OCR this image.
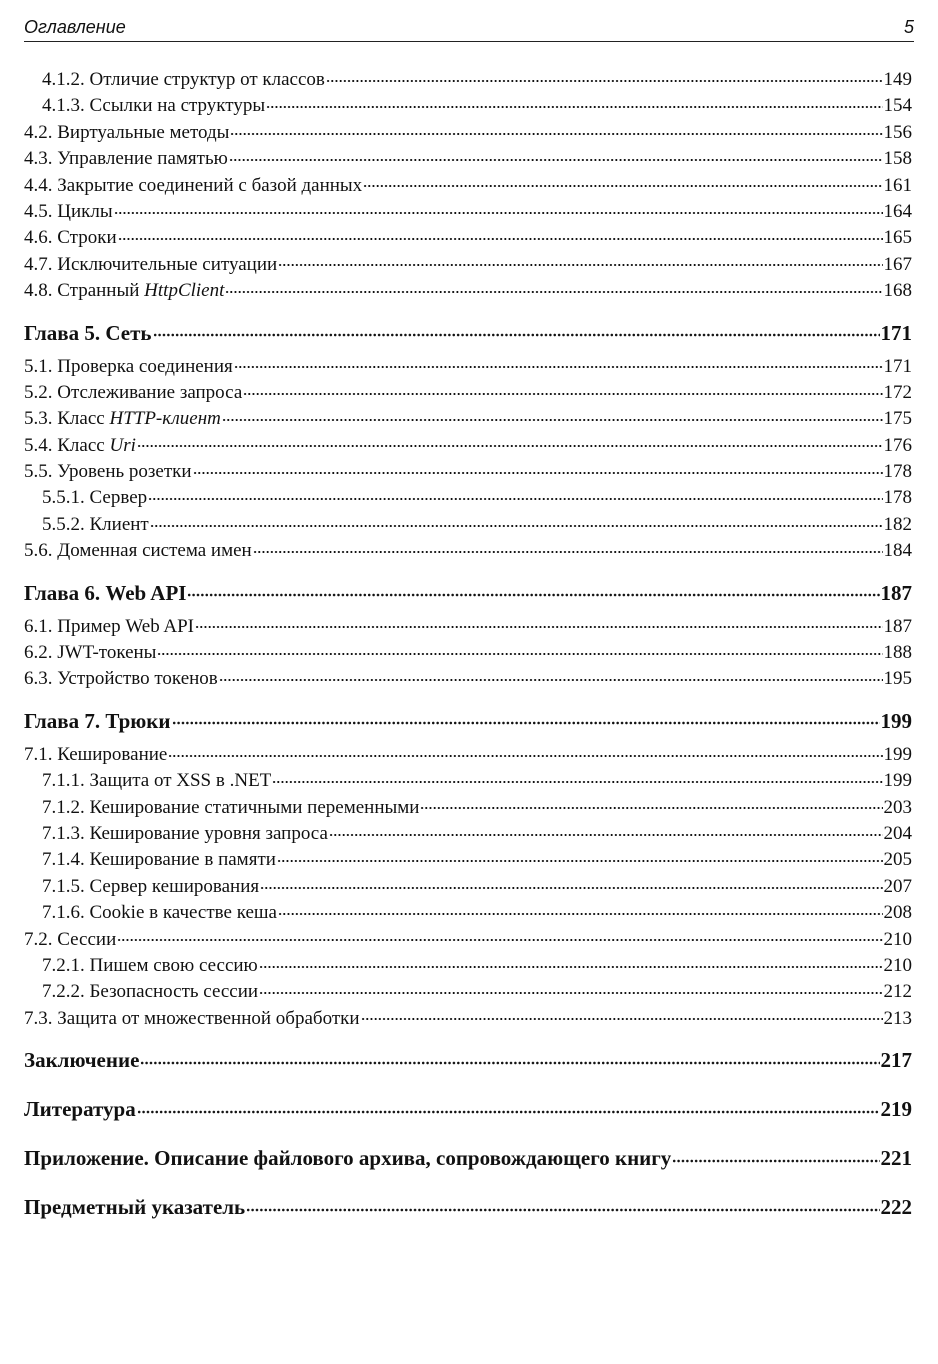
Оглавление	5
4.1.2. Отличие структур от классов	149
4.1.3. Ссылки на структуры	154
4.2. Виртуальные методы	156
4.3. Управление памятью	158
4.4. Закрытие соединений с базой данных	161
4.5. Циклы	164
4.6. Строки	165
4.7. Исключительные ситуации	167
4.8. Странный HttpClient	168
Глава 5. Сеть	171
5.1. Проверка соединения	171
5.2. Отслеживание запроса	172
5.3. Класс HTTP-клиент	175
5.4. Класс Uri	176
5.5. Уровень розетки	178
5.5.1. Сервер	178
5.5.2. Клиент	182
5.6. Доменная система имен	184
Глава 6. Web API	187
6.1. Пример Web API	187
6.2. JWT-токены	188
6.3. Устройство токенов	195
Глава 7. Трюки	199
7.1. Кеширование	199
7.1.1. Защита от XSS в .NET	199
7.1.2. Кеширование статичными переменными	203
7.1.3. Кеширование уровня запроса	204
7.1.4. Кеширование в памяти	205
7.1.5. Сервер кеширования	207
7.1.6. Cookie в качестве кеша	208
7.2. Сессии	210
7.2.1. Пишем свою сессию	210
7.2.2. Безопасность сессии	212
7.3. Защита от множественной обработки	213
Заключение	217
Литература	219
Приложение. Описание файлового архива, сопровождающего книгу	221
Предметный указатель	222
